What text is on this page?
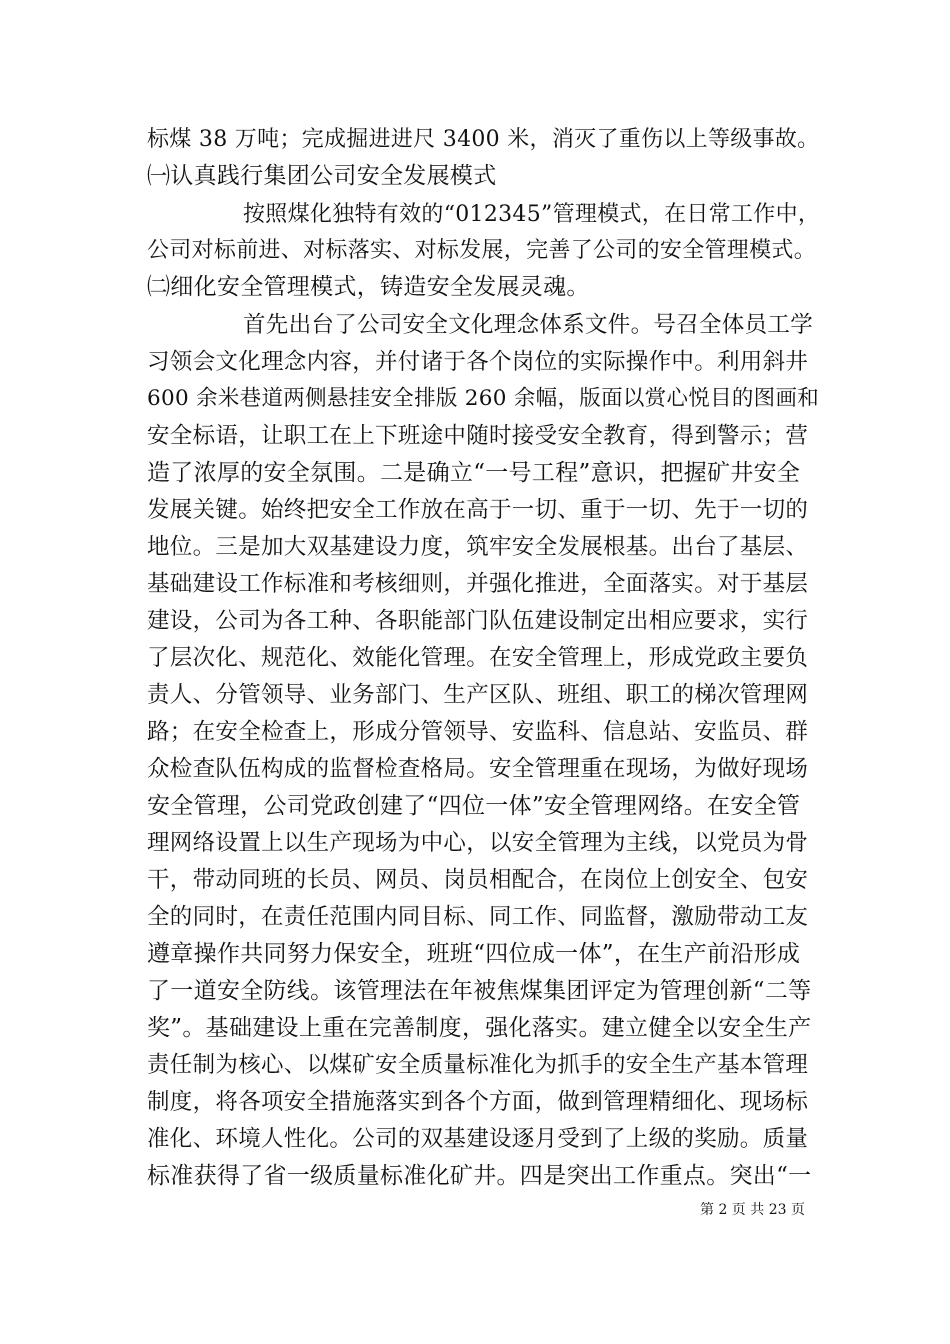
标煤 38 万吨；完成掘进进尺 3400 米，消灭了重伤以上等级事故。
㈠认真践行集团公司安全发展模式
按照煤化独特有效的“012345”管理模式，在日常工作中，
公司对标前进、对标落实、对标发展，完善了公司的安全管理模式。
㈡细化安全管理模式，铸造安全发展灵魂。
首先出台了公司安全文化理念体系文件。号召全体员工学
习领会文化理念内容，并付诸于各个岗位的实际操作中。利用斜井
600 余米巷道两侧悬挂安全排版 260 余幅，版面以赏心悦目的图画和
安全标语，让职工在上下班途中随时接受安全教育，得到警示；营
造了浓厚的安全氛围。二是确立“一号工程”意识，把握矿井安全
发展关键。始终把安全工作放在高于一切、重于一切、先于一切的
地位。三是加大双基建设力度，筑牢安全发展根基。出台了基层、
基础建设工作标准和考核细则，并强化推进，全面落实。对于基层
建设，公司为各工种、各职能部门队伍建设制定出相应要求，实行
了层次化、规范化、效能化管理。在安全管理上，形成党政主要负
责人、分管领导、业务部门、生产区队、班组、职工的梯次管理网
路；在安全检查上，形成分管领导、安监科、信息站、安监员、群
众检查队伍构成的监督检查格局。安全管理重在现场，为做好现场
安全管理，公司党政创建了“四位一体”安全管理网络。在安全管
理网络设置上以生产现场为中心，以安全管理为主线，以党员为骨
干，带动同班的长员、网员、岗员相配合，在岗位上创安全、包安
全的同时，在责任范围内同目标、同工作、同监督，激励带动工友
遵章操作共同努力保安全，班班“四位成一体”，在生产前沿形成
了一道安全防线。该管理法在年被焦煤集团评定为管理创新“二等
奖”。基础建设上重在完善制度，强化落实。建立健全以安全生产
责任制为核心、以煤矿安全质量标准化为抓手的安全生产基本管理
制度，将各项安全措施落实到各个方面，做到管理精细化、现场标
准化、环境人性化。公司的双基建设逐月受到了上级的奖励。质量
标准获得了省一级质量标准化矿井。四是突出工作重点。突出“一
第 2 页 共 23 页
